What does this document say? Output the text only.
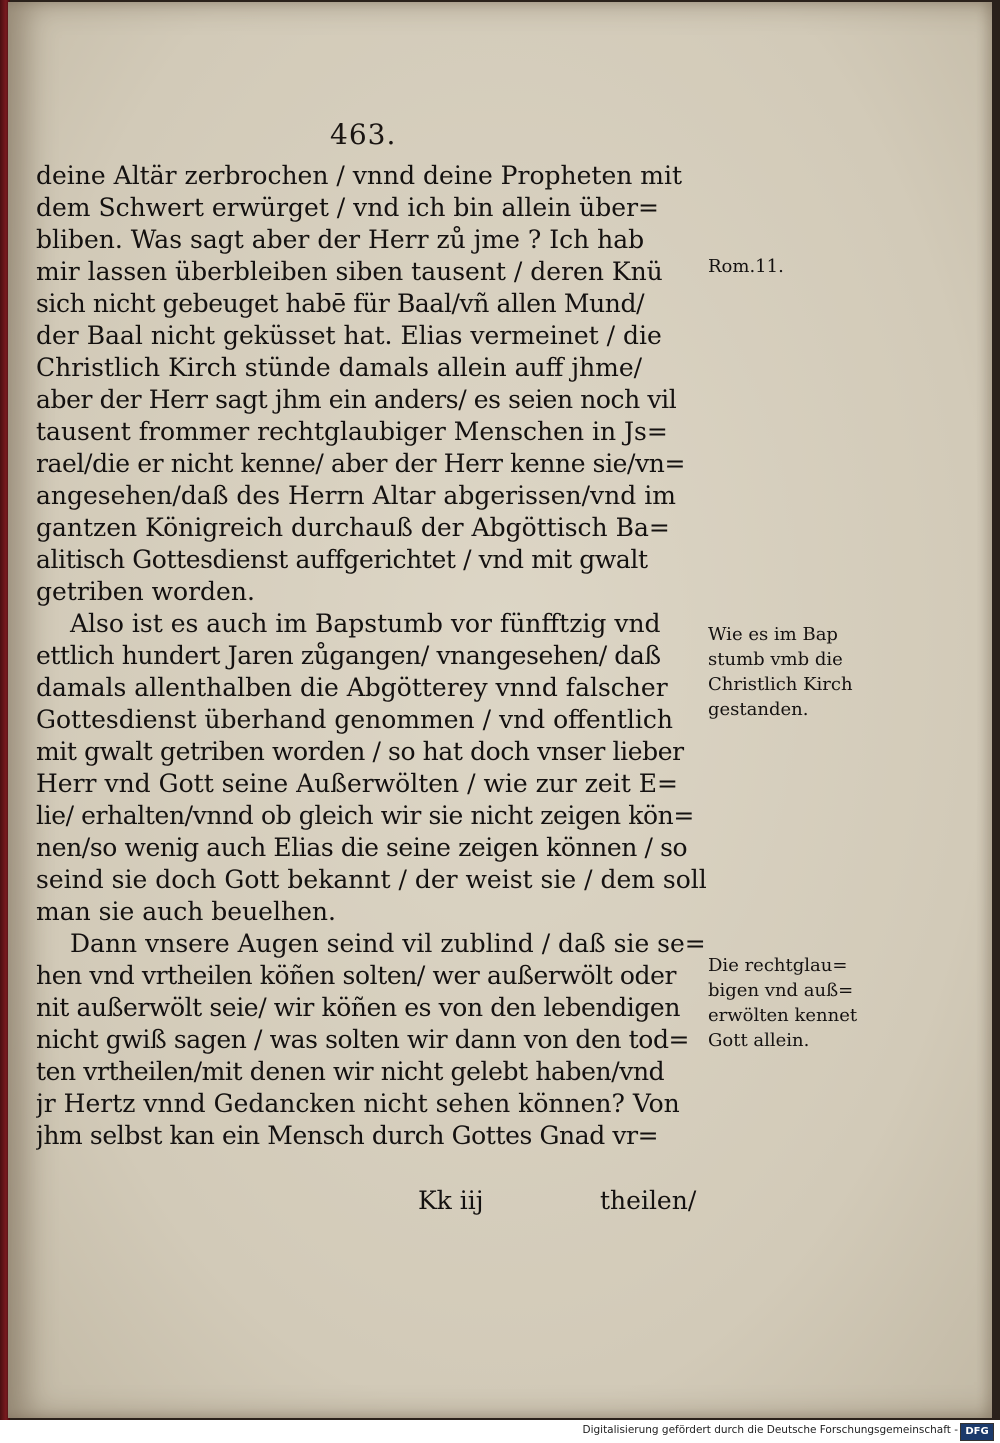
463.
deine Altär zerbrochen / vnnd deine Propheten mit
dem Schwert erwürget / vnd ich bin allein über=
bliben. Was sagt aber der Herr zů jme ? Ich hab
mir lassen überbleiben siben tausent / deren Knü
sich nicht gebeuget habē für Baal/vñ allen Mund/
der Baal nicht geküsset hat. Elias vermeinet / die
Christlich Kirch stünde damals allein auff jhme/
aber der Herr sagt jhm ein anders/ es seien noch vil
tausent frommer rechtglaubiger Menschen in Js=
rael/die er nicht kenne/ aber der Herr kenne sie/vn=
angesehen/daß des Herrn Altar abgerissen/vnd im
gantzen Königreich durchauß der Abgöttisch Ba=
alitisch Gottesdienst auffgerichtet / vnd mit gwalt
getriben worden.
Also ist es auch im Bapstumb vor fünfftzig vnd
ettlich hundert Jaren zůgangen/ vnangesehen/ daß
damals allenthalben die Abgötterey vnnd falscher
Gottesdienst überhand genommen / vnd offentlich
mit gwalt getriben worden / so hat doch vnser lieber
Herr vnd Gott seine Außerwölten / wie zur zeit E=
lie/ erhalten/vnnd ob gleich wir sie nicht zeigen kön=
nen/so wenig auch Elias die seine zeigen können / so
seind sie doch Gott bekannt / der weist sie / dem soll
man sie auch beuelhen.
Dann vnsere Augen seind vil zublind / daß sie se=
hen vnd vrtheilen köñen solten/ wer außerwölt oder
nit außerwölt seie/ wir köñen es von den lebendigen
nicht gwiß sagen / was solten wir dann von den tod=
ten vrtheilen/mit denen wir nicht gelebt haben/vnd
jr Hertz vnnd Gedancken nicht sehen können? Von
jhm selbst kan ein Mensch durch Gottes Gnad vr=
Rom.11.
Wie es im Bap
stumb vmb die
Christlich Kirch
gestanden.
Die rechtglau=
bigen vnd auß=
erwölten kennet
Gott allein.
Kk iij	theilen/
Digitalisierung gefördert durch die Deutsche Forschungsgemeinschaft - DFG
